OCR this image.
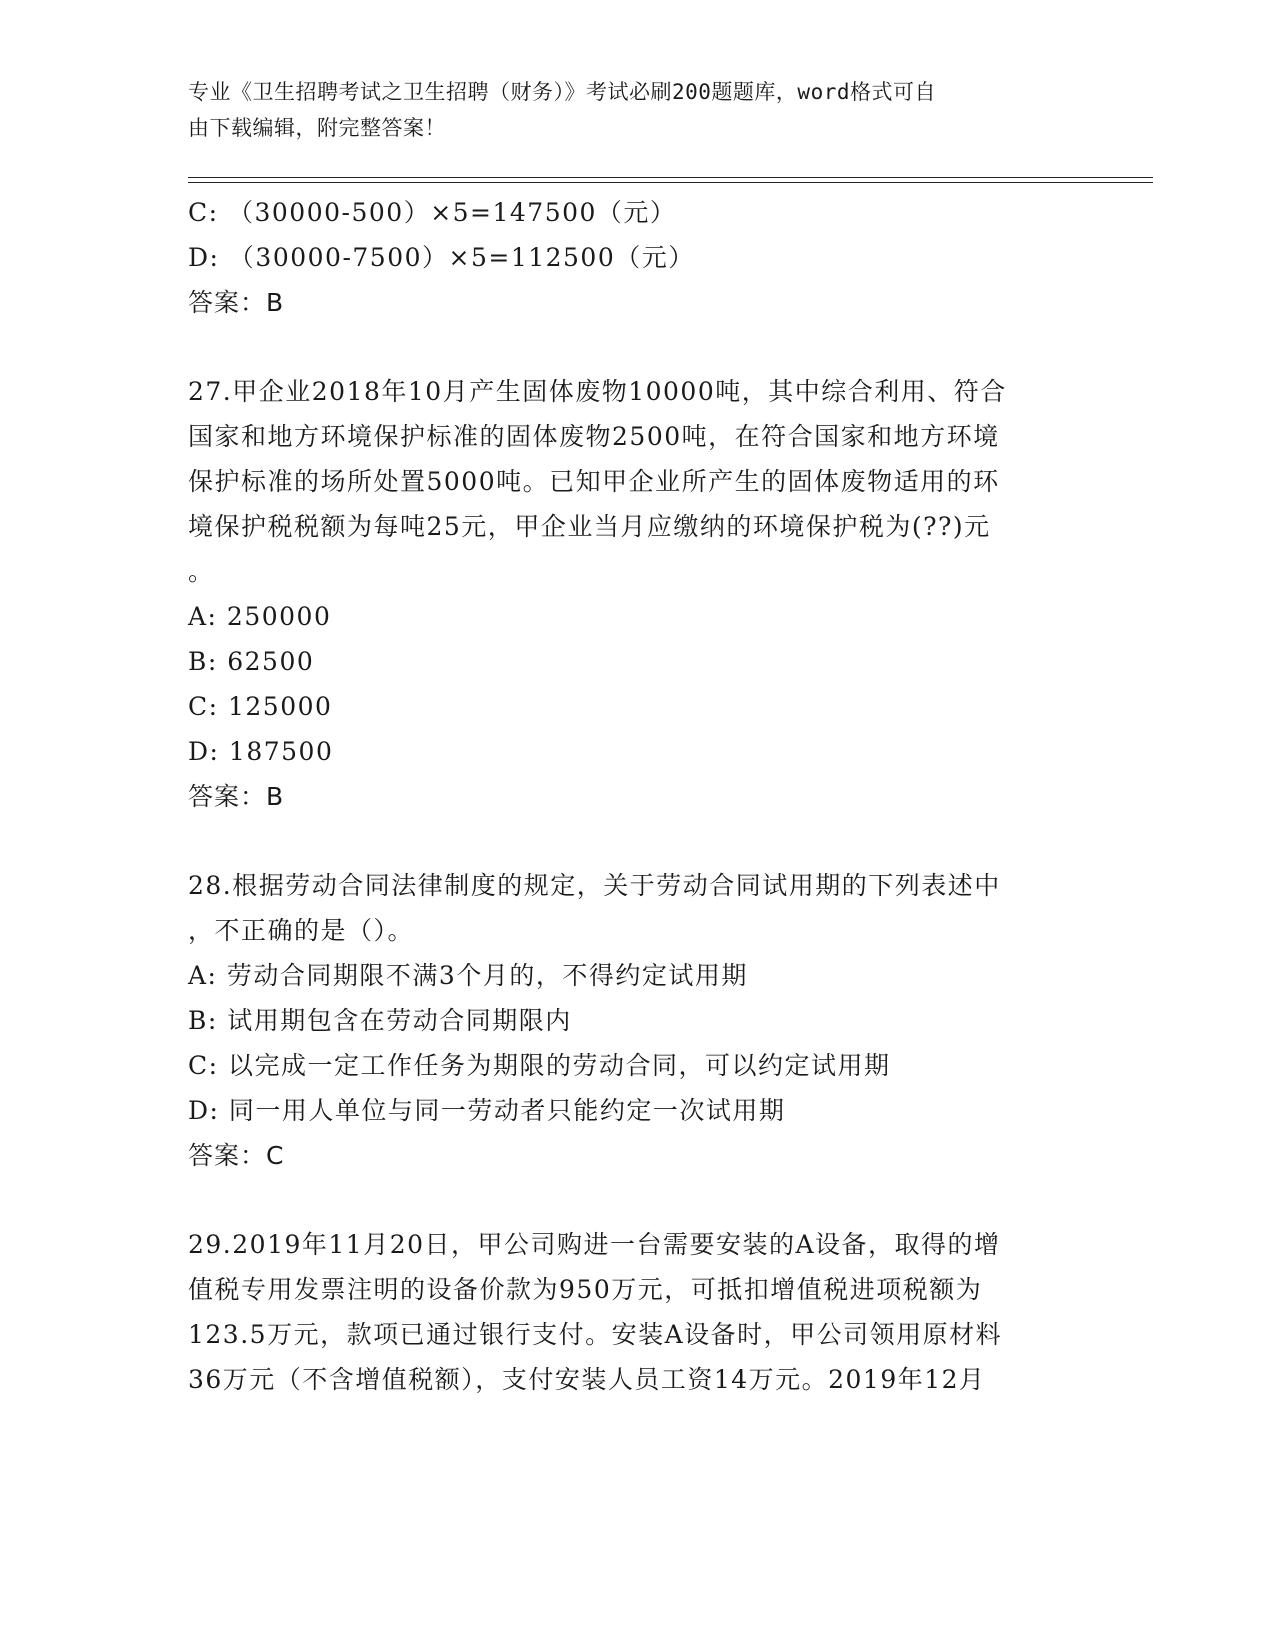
专业《卫生招聘考试之卫生招聘（财务）》考试必刷200题题库，word格式可自
由下载编辑，附完整答案！
C: （30000-500）×5=147500（元）
D: （30000-7500）×5=112500（元）
答案：B
27.甲企业2018年10月产生固体废物10000吨，其中综合利用、符合
国家和地方环境保护标准的固体废物2500吨，在符合国家和地方环境
保护标准的场所处置5000吨。已知甲企业所产生的固体废物适用的环
境保护税税额为每吨25元，甲企业当月应缴纳的环境保护税为(??)元
。
A: 250000
B: 62500
C: 125000
D: 187500
答案：B
28.根据劳动合同法律制度的规定，关于劳动合同试用期的下列表述中
，不正确的是（）。
A: 劳动合同期限不满3个月的，不得约定试用期
B: 试用期包含在劳动合同期限内
C: 以完成一定工作任务为期限的劳动合同，可以约定试用期
D: 同一用人单位与同一劳动者只能约定一次试用期
答案：C
29.2019年11月20日，甲公司购进一台需要安装的A设备，取得的增
值税专用发票注明的设备价款为950万元，可抵扣增值税进项税额为
123.5万元，款项已通过银行支付。安装A设备时，甲公司领用原材料
36万元（不含增值税额），支付安装人员工资14万元。2019年12月
